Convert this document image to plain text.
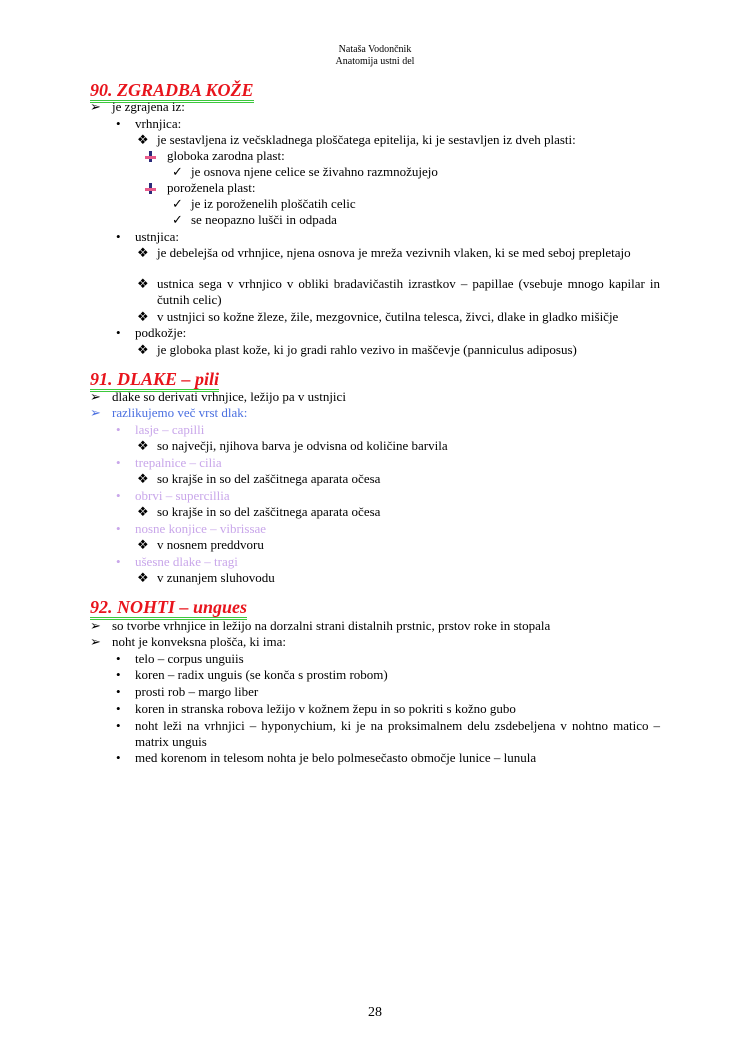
Nataša Vodončnik
Anatomija ustni del
90. ZGRADBA KOŽE
91. DLAKE – pili
92. NOHTI – ungues
➢ je zgrajena iz:
• vrhnjica:
❖ je sestavljena iz večskladnega ploščatega epitelija, ki je sestavljen iz dveh plasti:
globoka zarodna plast:
✓ je osnova njene celice se živahno razmnožujejo
poroženela plast:
✓ je iz poroženelih ploščatih celic
✓ se neopazno lušči in odpada
• ustnjica:
❖ je debelejša od vrhnjice, njena osnova je mreža vezivnih vlaken, ki se med seboj prepletajo
❖ ustnica sega v vrhnjico v obliki bradavičastih izrastkov – papillae (vsebuje mnogo kapilar in čutnih celic)
❖ v ustnjici so kožne žleze, žile, mezgovnice, čutilna telesca, živci, dlake in gladko mišičje
• podkožje:
❖ je globoka plast kože, ki jo gradi rahlo vezivo in maščevje (panniculus adiposus)
➢ dlake so derivati vrhnjice, ležijo pa v ustnjici
➢ razlikujemo več vrst dlak:
• lasje – capilli
❖ so največji, njihova barva je odvisna od količine barvila
• trepalnice – cilia
❖ so krajše in so del zaščitnega aparata očesa
• obrvi – supercillia
❖ so krajše in so del zaščitnega aparata očesa
• nosne konjice – vibrissae
❖ v nosnem preddvoru
• ušesne dlake – tragi
❖ v zunanjem sluhovodu
➢ so tvorbe vrhnjice in ležijo na dorzalni strani distalnih prstnic, prstov roke in stopala
➢ noht je konveksna plošča, ki ima:
• telo – corpus unguiis
• koren – radix unguis (se konča s prostim robom)
• prosti rob – margo liber
• koren in stranska robova ležijo v kožnem žepu in so pokriti s kožno gubo
• noht leži na vrhnjici – hyponychium, ki je na proksimalnem delu zsdebeljena v nohtno matico – matrix unguis
• med korenom in telesom nohta je belo polmesečasto območje lunice – lunula
28
